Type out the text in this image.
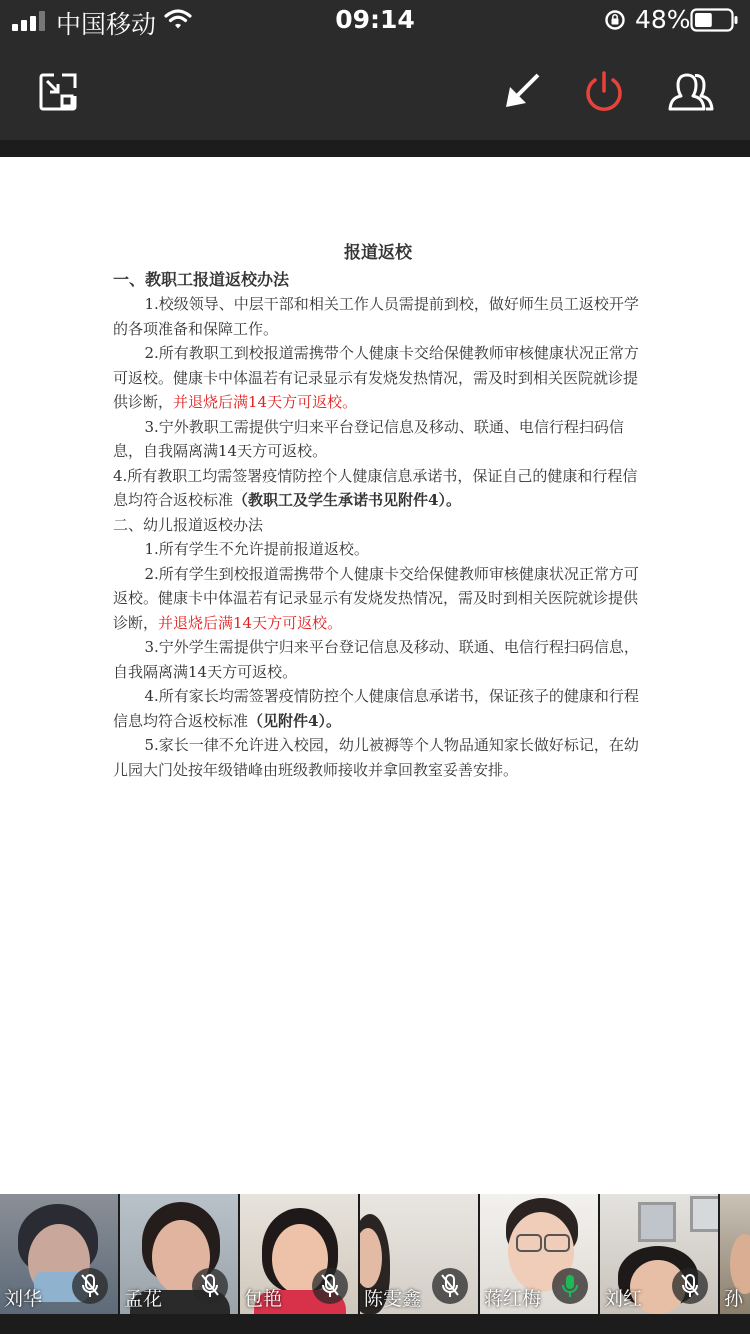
中国移动	09:14	48%
报道返校
一、教职工报道返校办法

1.校级领导、中层干部和相关工作人员需提前到校，做好师生员工返校开学的各项准备和保障工作。

2.所有教职工到校报道需携带个人健康卡交给保健教师审核健康状况正常方可返校。健康卡中体温若有记录显示有发烧发热情况，需及时到相关医院就诊提供诊断，并退烧后满14天方可返校。

3.宁外教职工需提供宁归来平台登记信息及移动、联通、电信行程扫码信息，自我隔离满14天方可返校。

4.所有教职工均需签署疫情防控个人健康信息承诺书，保证自己的健康和行程信息均符合返校标准（教职工及学生承诺书见附件4）。

二、幼儿报道返校办法

1.所有学生不允许提前报道返校。

2.所有学生到校报道需携带个人健康卡交给保健教师审核健康状况正常方可返校。健康卡中体温若有记录显示有发烧发热情况，需及时到相关医院就诊提供诊断，并退烧后满14天方可返校。

3.宁外学生需提供宁归来平台登记信息及移动、联通、电信行程扫码信息，自我隔离满14天方可返校。

4.所有家长均需签署疫情防控个人健康信息承诺书，保证孩子的健康和行程信息均符合返校标准（见附件4）。

5.家长一律不允许进入校园，幼儿被褥等个人物品通知家长做好标记，在幼儿园大门处按年级错峰由班级教师接收并拿回教室妥善安排。

刘华	孟花	包艳	陈雯鑫	蒋红梅	刘红	孙
